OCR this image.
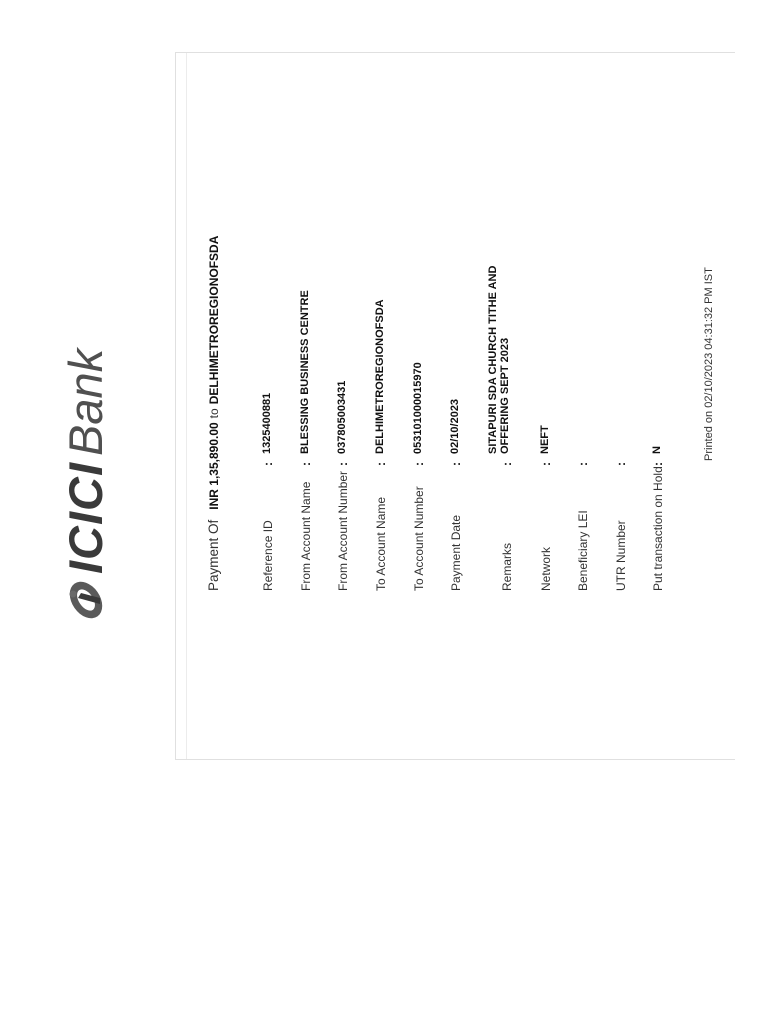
ICICI
Bank
Payment OfINR 1,35,890.00toDELHIMETROREGIONOFSDA
Reference ID
:
1325400881
From Account Name
:
BLESSING BUSINESS CENTRE
From Account Number
:
037805003431
To Account Name
:
DELHIMETROREGIONOFSDA
To Account Number
:
053101000015970
Payment Date
:
02/10/2023
Remarks
:
SITAPURI SDA CHURCH TITHE AND OFFERING SEPT 2023
Network
:
NEFT
Beneficiary LEI
:
UTR Number
:
Put transaction on Hold
:
N	Printed on 02/10/2023 04:31:32 PM IST
